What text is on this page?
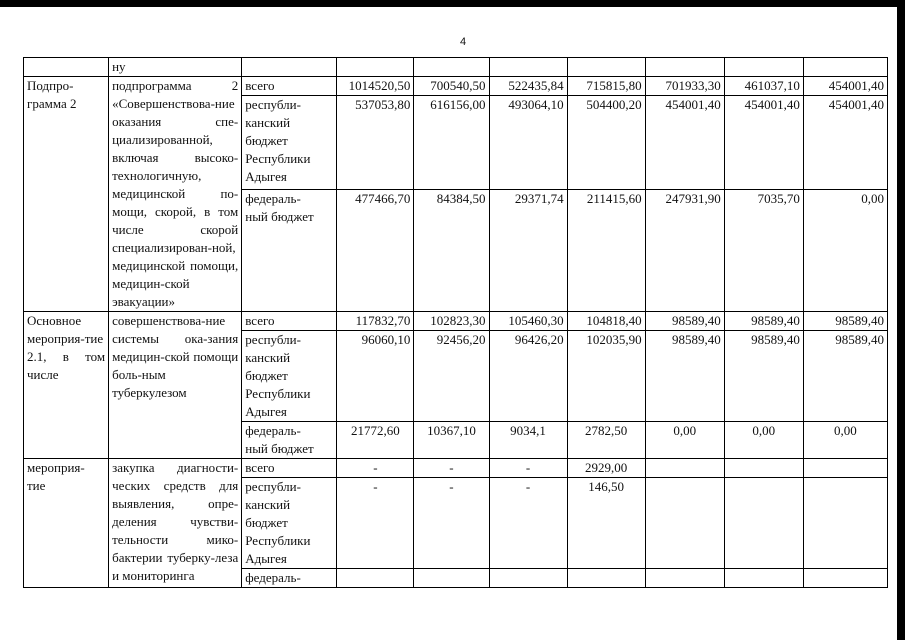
4
	ну								
Подпро-
грамма 2	подпрограмма 2 «Совершенствова-ние оказания спе-циализированной, включая высоко-технологичную, медицинской по-мощи, скорой, в том числе скорой специализирован-ной, медицинской помощи, медицин-ской эвакуации»	всего	1014520,50	700540,50	522435,84	715815,80	701933,30	461037,10	454001,40
		республи-
канский
бюджет
Республики
Адыгея	537053,80	616156,00	493064,10	504400,20	454001,40	454001,40	454001,40
		федераль-
ный бюджет	477466,70	84384,50	29371,74	211415,60	247931,90	7035,70	0,00
Основное мероприя-тие 2.1, в том числе	совершенствова-ние системы ока-зания медицин-ской помощи боль-ным туберкулезом	всего	117832,70	102823,30	105460,30	104818,40	98589,40	98589,40	98589,40
		республи-
канский
бюджет
Республики
Адыгея	96060,10	92456,20	96426,20	102035,90	98589,40	98589,40	98589,40
		федераль-
ный бюджет	21772,60	10367,10	9034,1	2782,50	0,00	0,00	0,00
мероприя-
тие	закупка диагности-ческих средств для выявления, опре-деления чувстви-тельности мико-бактерии туберку-леза и мониторинга	всего	-	-	-	2929,00			
		республи-
канский
бюджет
Республики
Адыгея	-	-	-	146,50			
		федераль-							
